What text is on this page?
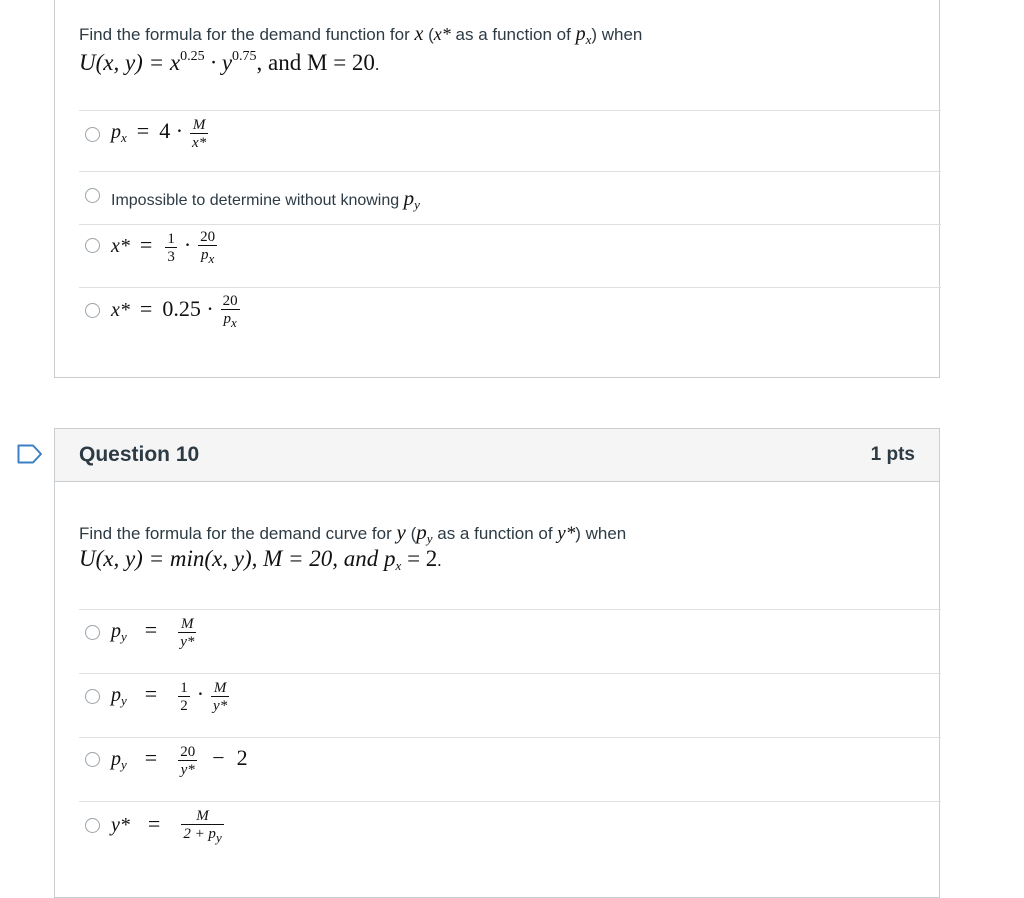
Find the formula for the demand function for x (x* as a function of $p_x$) when
U(x, $y) = x^{0.25} \cdot y^{0.75}$, and M = 20.
$p_x = 4 \cdot \frac{M}{x*}$
Impossible to determine without knowing $p_y$
$x* = \frac{1}{3} \cdot \frac{20}{px}$
$x* = 0.25 \cdot \frac{20}{px}$
Question 10	1 pts
Find the formula for the demand curve for y ($p_y$ as a function of y*) when
U(x, y) = min(x, y), M = 20, and $p_x = 2$.
$p_y = \frac{M}{y*}$
$p_y = \frac{1}{2} \cdot \frac{M}{y*}$
$p_y = \frac{20}{y*} - 2$
$y* = \frac{M}{2 + py}$
